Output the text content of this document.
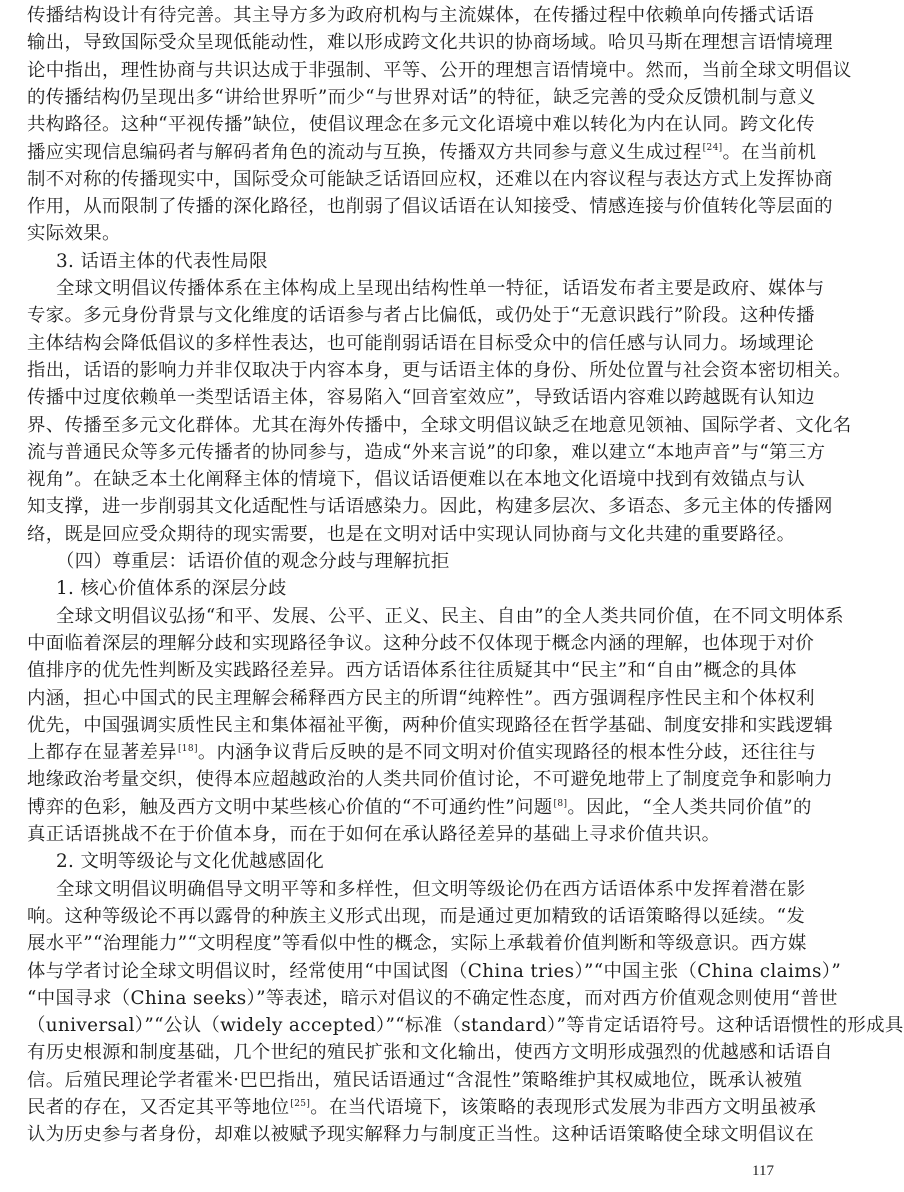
传播结构设计有待完善。其主导方多为政府机构与主流媒体，在传播过程中依赖单向传播式话语
输出，导致国际受众呈现低能动性，难以形成跨文化共识的协商场域。哈贝马斯在理想言语情境理
论中指出，理性协商与共识达成于非强制、平等、公开的理想言语情境中。然而，当前全球文明倡议
的传播结构仍呈现出多“讲给世界听”而少“与世界对话”的特征，缺乏完善的受众反馈机制与意义
共构路径。这种“平视传播”缺位，使倡议理念在多元文化语境中难以转化为内在认同。跨文化传
播应实现信息编码者与解码者角色的流动与互换，传播双方共同参与意义生成过程[24]。在当前机
制不对称的传播现实中，国际受众可能缺乏话语回应权，还难以在内容议程与表达方式上发挥协商
作用，从而限制了传播的深化路径，也削弱了倡议话语在认知接受、情感连接与价值转化等层面的
实际效果。
3. 话语主体的代表性局限
全球文明倡议传播体系在主体构成上呈现出结构性单一特征，话语发布者主要是政府、媒体与
专家。多元身份背景与文化维度的话语参与者占比偏低，或仍处于“无意识践行”阶段。这种传播
主体结构会降低倡议的多样性表达，也可能削弱话语在目标受众中的信任感与认同力。场域理论
指出，话语的影响力并非仅取决于内容本身，更与话语主体的身份、所处位置与社会资本密切相关。
传播中过度依赖单一类型话语主体，容易陷入“回音室效应”，导致话语内容难以跨越既有认知边
界、传播至多元文化群体。尤其在海外传播中，全球文明倡议缺乏在地意见领袖、国际学者、文化名
流与普通民众等多元传播者的协同参与，造成“外来言说”的印象，难以建立“本地声音”与“第三方
视角”。在缺乏本土化阐释主体的情境下，倡议话语便难以在本地文化语境中找到有效锚点与认
知支撑，进一步削弱其文化适配性与话语感染力。因此，构建多层次、多语态、多元主体的传播网
络，既是回应受众期待的现实需要，也是在文明对话中实现认同协商与文化共建的重要路径。
（四）尊重层：话语价值的观念分歧与理解抗拒
1. 核心价值体系的深层分歧
全球文明倡议弘扬“和平、发展、公平、正义、民主、自由”的全人类共同价值，在不同文明体系
中面临着深层的理解分歧和实现路径争议。这种分歧不仅体现于概念内涵的理解，也体现于对价
值排序的优先性判断及实践路径差异。西方话语体系往往质疑其中“民主”和“自由”概念的具体
内涵，担心中国式的民主理解会稀释西方民主的所谓“纯粹性”。西方强调程序性民主和个体权利
优先，中国强调实质性民主和集体福祉平衡，两种价值实现路径在哲学基础、制度安排和实践逻辑
上都存在显著差异[18]。内涵争议背后反映的是不同文明对价值实现路径的根本性分歧，还往往与
地缘政治考量交织，使得本应超越政治的人类共同价值讨论，不可避免地带上了制度竞争和影响力
博弈的色彩，触及西方文明中某些核心价值的“不可通约性”问题[8]。因此，“全人类共同价值”的
真正话语挑战不在于价值本身，而在于如何在承认路径差异的基础上寻求价值共识。
2. 文明等级论与文化优越感固化
全球文明倡议明确倡导文明平等和多样性，但文明等级论仍在西方话语体系中发挥着潜在影
响。这种等级论不再以露骨的种族主义形式出现，而是通过更加精致的话语策略得以延续。“发
展水平”“治理能力”“文明程度”等看似中性的概念，实际上承载着价值判断和等级意识。西方媒
体与学者讨论全球文明倡议时，经常使用“中国试图（China tries）”“中国主张（China claims）”
“中国寻求（China seeks）”等表述，暗示对倡议的不确定性态度，而对西方价值观念则使用“普世
（universal）”“公认（widely accepted）”“标准（standard）”等肯定话语符号。这种话语惯性的形成具
有历史根源和制度基础，几个世纪的殖民扩张和文化输出，使西方文明形成强烈的优越感和话语自
信。后殖民理论学者霍米·巴巴指出，殖民话语通过“含混性”策略维护其权威地位，既承认被殖
民者的存在，又否定其平等地位[25]。在当代语境下，该策略的表现形式发展为非西方文明虽被承
认为历史参与者身份，却难以被赋予现实解释力与制度正当性。这种话语策略使全球文明倡议在
117
